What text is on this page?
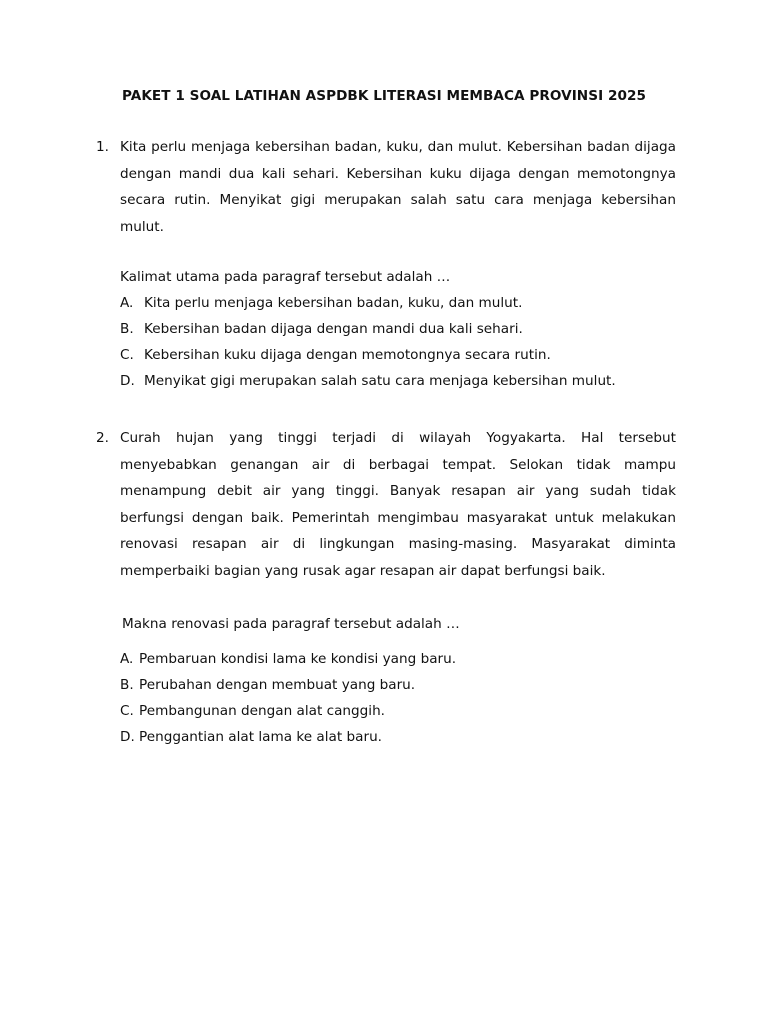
PAKET 1 SOAL LATIHAN ASPDBK LITERASI MEMBACA PROVINSI 2025
1. Kita perlu menjaga kebersihan badan, kuku, dan mulut. Kebersihan badan dijaga dengan mandi dua kali sehari. Kebersihan kuku dijaga dengan memotongnya secara rutin. Menyikat gigi merupakan salah satu cara menjaga kebersihan mulut.

Kalimat utama pada paragraf tersebut adalah …

A. Kita perlu menjaga kebersihan badan, kuku, dan mulut.
B. Kebersihan badan dijaga dengan mandi dua kali sehari.
C. Kebersihan kuku dijaga dengan memotongnya secara rutin.
D. Menyikat gigi merupakan salah satu cara menjaga kebersihan mulut.
2. Curah hujan yang tinggi terjadi di wilayah Yogyakarta. Hal tersebut menyebabkan genangan air di berbagai tempat. Selokan tidak mampu menampung debit air yang tinggi. Banyak resapan air yang sudah tidak berfungsi dengan baik. Pemerintah mengimbau masyarakat untuk melakukan renovasi resapan air di lingkungan masing-masing. Masyarakat diminta memperbaiki bagian yang rusak agar resapan air dapat berfungsi baik.

Makna renovasi pada paragraf tersebut adalah …

A. Pembaruan kondisi lama ke kondisi yang baru.
B. Perubahan dengan membuat yang baru.
C. Pembangunan dengan alat canggih.
D. Penggantian alat lama ke alat baru.
